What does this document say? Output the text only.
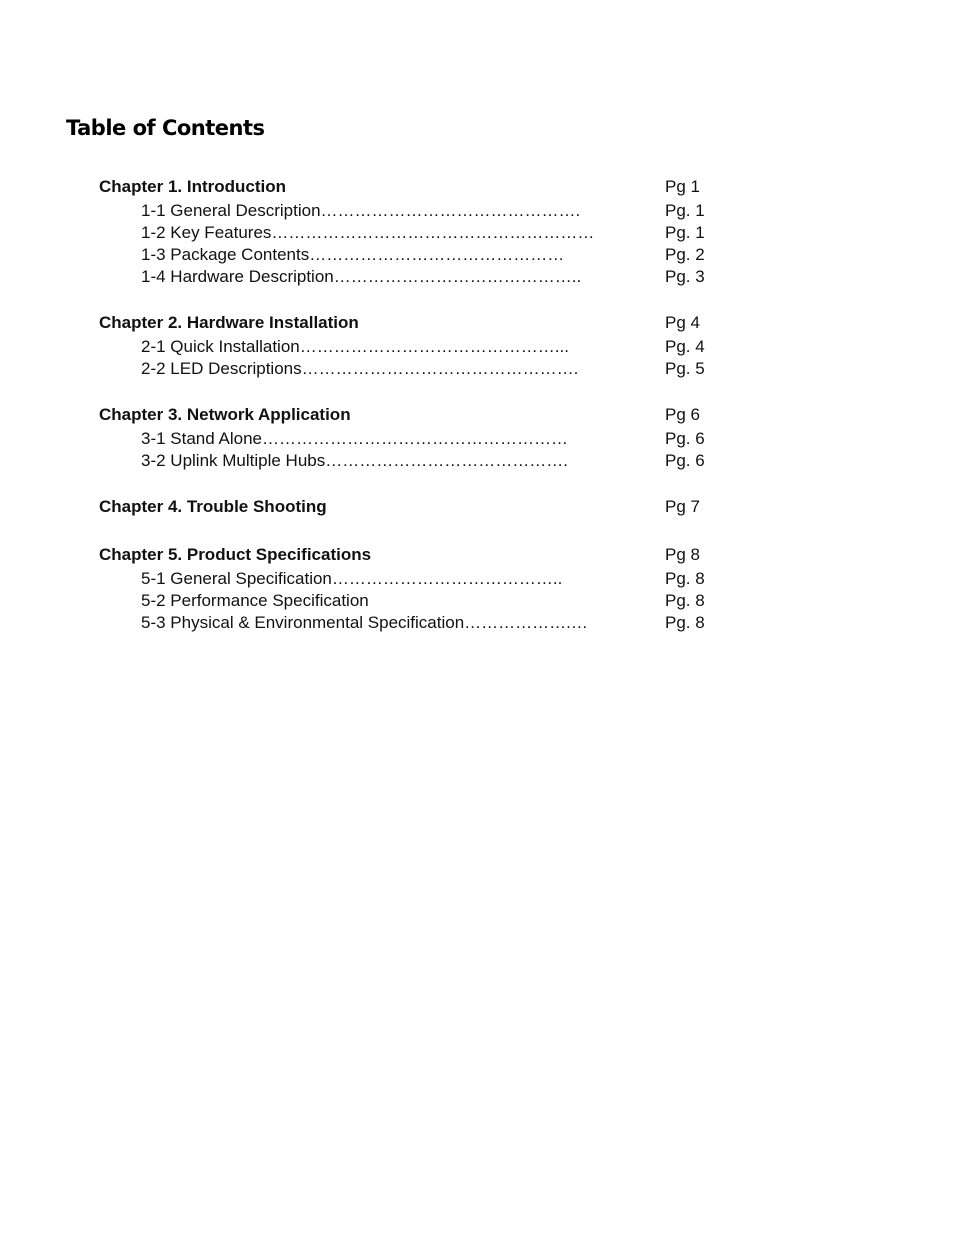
Table of Contents
Chapter 1. Introduction	Pg 1
1-1 General Description……………………………………….	Pg. 1
1-2 Key Features…………………………………………………	Pg. 1
1-3 Package Contents………………………………………	Pg. 2
1-4 Hardware Description……………………………………..	Pg. 3
Chapter 2. Hardware Installation	Pg 4
2-1 Quick Installation………………………………………...	Pg. 4
2-2 LED Descriptions………………………………………….	Pg. 5
Chapter 3. Network Application	Pg 6
3-1 Stand Alone………………………………………………	Pg. 6
3-2 Uplink Multiple Hubs…………………………………….	Pg. 6
Chapter 4. Trouble Shooting	Pg 7
Chapter 5. Product Specifications	Pg 8
5-1 General Specification…………………………………..	Pg. 8
5-2 Performance Specification	Pg. 8
5-3 Physical & Environmental Specification……………….…	Pg. 8
